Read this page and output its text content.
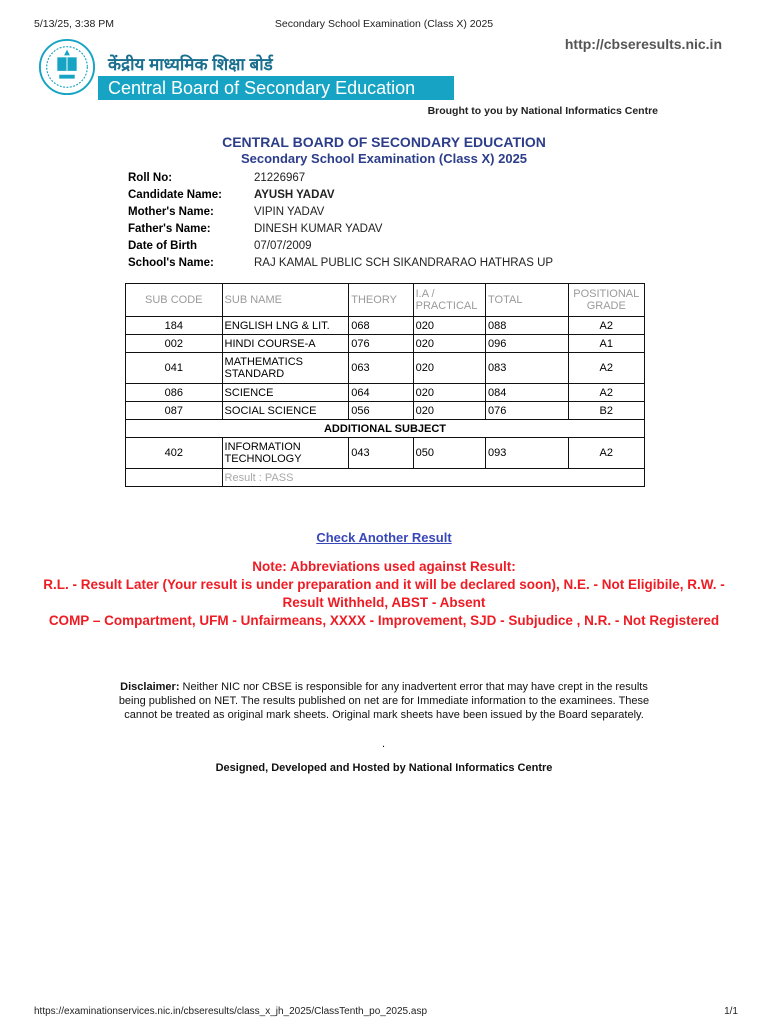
5/13/25, 3:38 PM	Secondary School Examination (Class X) 2025
http://cbseresults.nic.in
केंद्रीय माध्यमिक शिक्षा बोर्ड
Central Board of Secondary Education
Brought to you by National Informatics Centre
CENTRAL BOARD OF SECONDARY EDUCATION
Secondary School Examination (Class X) 2025
Roll No:	21226967
Candidate Name:	AYUSH YADAV
Mother's Name:	VIPIN YADAV
Father's Name:	DINESH KUMAR YADAV
Date of Birth	07/07/2009
School's Name:	RAJ KAMAL PUBLIC SCH SIKANDRARAO HATHRAS UP
SUB CODE	SUB NAME	THEORY	I.A / PRACTICAL	TOTAL	POSITIONAL GRADE
184	ENGLISH LNG & LIT.	068	020	088	A2
002	HINDI COURSE-A	076	020	096	A1
041	MATHEMATICS STANDARD	063	020	083	A2
086	SCIENCE	064	020	084	A2
087	SOCIAL SCIENCE	056	020	076	B2
ADDITIONAL SUBJECT					
402	INFORMATION TECHNOLOGY	043	050	093	A2
	Result : PASS				
Check Another Result

Note: Abbreviations used against Result:

R.L. - Result Later (Your result is under preparation and it will be declared soon), N.E. - Not Eligibile, R.W. - Result Withheld, ABST - Absent

COMP – Compartment, UFM - Unfairmeans, XXXX - Improvement, SJD - Subjudice , N.R. - Not Registered

Disclaimer: Neither NIC nor CBSE is responsible for any inadvertent error that may have crept in the results being published on NET. The results published on net are for Immediate information to the examinees. These cannot be treated as original mark sheets. Original mark sheets have been issued by the Board separately.
.
Designed, Developed and Hosted by National Informatics Centre
https://examinationservices.nic.in/cbseresults/class_x_jh_2025/ClassTenth_po_2025.asp	1/1
